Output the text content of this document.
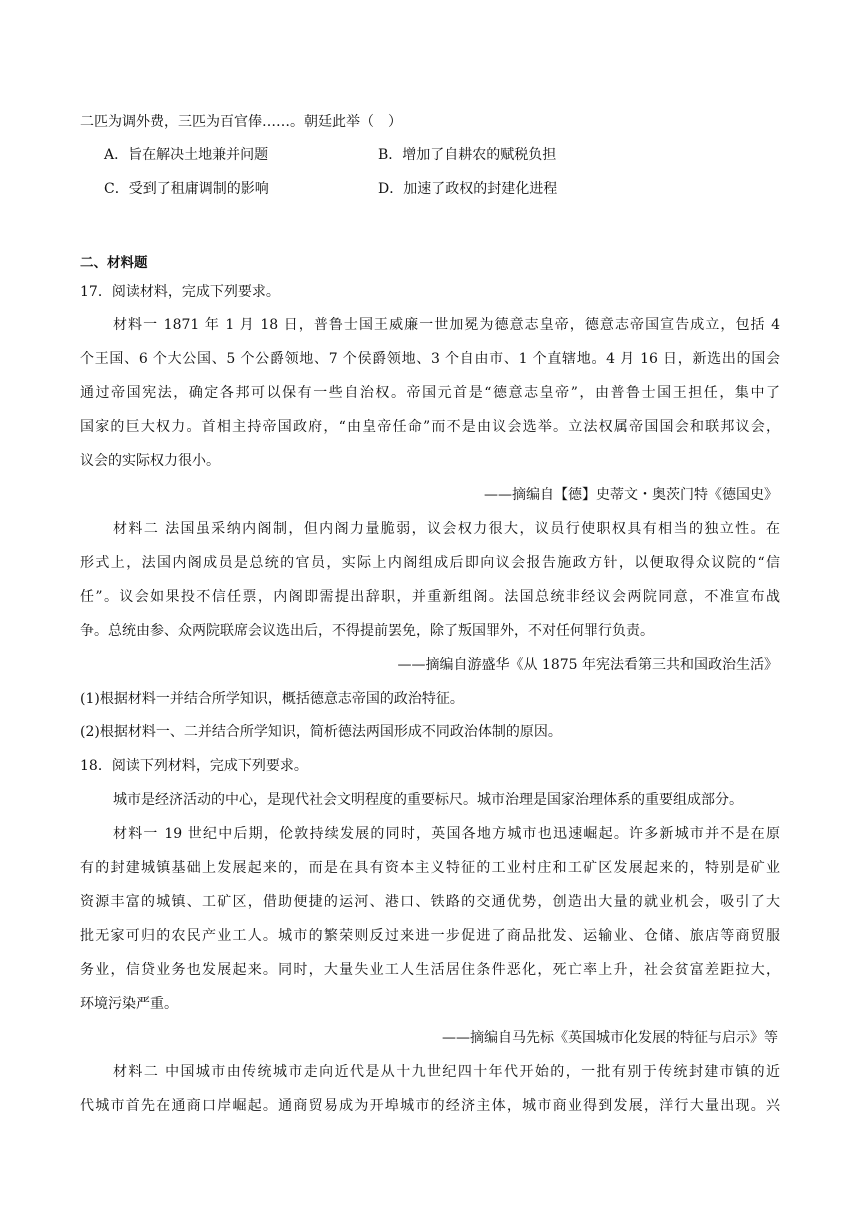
二匹为调外费，三匹为百官俸……。朝廷此举（　）
A．旨在解决土地兼并问题	B．增加了自耕农的赋税负担
C．受到了租庸调制的影响	D．加速了政权的封建化进程
二、材料题
17．阅读材料，完成下列要求。
材料一 1871 年 1 月 18 日，普鲁士国王威廉一世加冕为德意志皇帝，德意志帝国宣告成立，包括 4
个王国、6 个大公国、5 个公爵领地、7 个侯爵领地、3 个自由市、1 个直辖地。4 月 16 日，新选出的国会
通过帝国宪法，确定各邦可以保有一些自治权。帝国元首是“德意志皇帝”，由普鲁士国王担任，集中了
国家的巨大权力。首相主持帝国政府，“由皇帝任命”而不是由议会选举。立法权属帝国国会和联邦议会，
议会的实际权力很小。
——摘编自【德】史蒂文・奥茨门特《德国史》
材料二 法国虽采纳内阁制，但内阁力量脆弱，议会权力很大，议员行使职权具有相当的独立性。在
形式上，法国内阁成员是总统的官员，实际上内阁组成后即向议会报告施政方针，以便取得众议院的“信
任”。议会如果投不信任票，内阁即需提出辞职，并重新组阁。法国总统非经议会两院同意，不准宣布战
争。总统由参、众两院联席会议选出后，不得提前罢免，除了叛国罪外，不对任何罪行负责。
——摘编自游盛华《从 1875 年宪法看第三共和国政治生活》
(1)根据材料一并结合所学知识，概括德意志帝国的政治特征。
(2)根据材料一、二并结合所学知识，简析德法两国形成不同政治体制的原因。
18．阅读下列材料，完成下列要求。
城市是经济活动的中心，是现代社会文明程度的重要标尺。城市治理是国家治理体系的重要组成部分。
材料一 19 世纪中后期，伦敦持续发展的同时，英国各地方城市也迅速崛起。许多新城市并不是在原
有的封建城镇基础上发展起来的，而是在具有资本主义特征的工业村庄和工矿区发展起来的，特别是矿业
资源丰富的城镇、工矿区，借助便捷的运河、港口、铁路的交通优势，创造出大量的就业机会，吸引了大
批无家可归的农民产业工人。城市的繁荣则反过来进一步促进了商品批发、运输业、仓储、旅店等商贸服
务业，信贷业务也发展起来。同时，大量失业工人生活居住条件恶化，死亡率上升，社会贫富差距拉大，
环境污染严重。
——摘编自马先标《英国城市化发展的特征与启示》等
材料二 中国城市由传统城市走向近代是从十九世纪四十年代开始的，一批有别于传统封建市镇的近
代城市首先在通商口岸崛起。通商贸易成为开埠城市的经济主体，城市商业得到发展，洋行大量出现。兴
